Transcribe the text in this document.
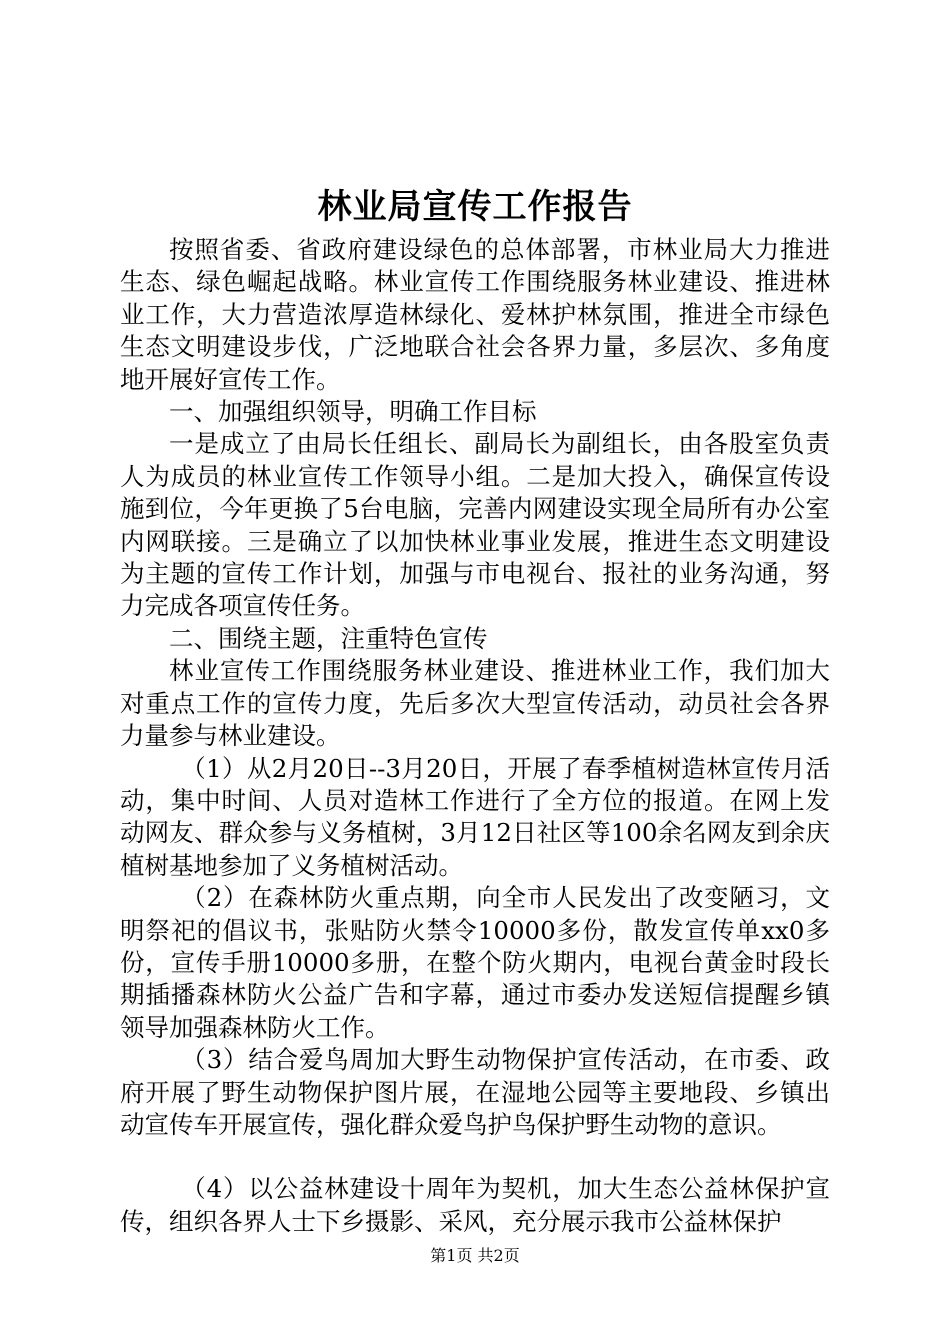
林业局宣传工作报告

按照省委、省政府建设绿色的总体部署，市林业局大力推进生态、绿色崛起战略。林业宣传工作围绕服务林业建设、推进林业工作，大力营造浓厚造林绿化、爱林护林氛围，推进全市绿色生态文明建设步伐，广泛地联合社会各界力量，多层次、多角度地开展好宣传工作。

一、加强组织领导，明确工作目标

一是成立了由局长任组长、副局长为副组长，由各股室负责人为成员的林业宣传工作领导小组。二是加大投入，确保宣传设施到位，今年更换了5台电脑，完善内网建设实现全局所有办公室内网联接。三是确立了以加快林业事业发展，推进生态文明建设为主题的宣传工作计划，加强与市电视台、报社的业务沟通，努力完成各项宣传任务。

二、围绕主题，注重特色宣传

林业宣传工作围绕服务林业建设、推进林业工作，我们加大对重点工作的宣传力度，先后多次大型宣传活动，动员社会各界力量参与林业建设。

（1）从2月20日--3月20日，开展了春季植树造林宣传月活动，集中时间、人员对造林工作进行了全方位的报道。在网上发动网友、群众参与义务植树，3月12日社区等100余名网友到余庆植树基地参加了义务植树活动。

（2）在森林防火重点期，向全市人民发出了改变陋习，文明祭祀的倡议书，张贴防火禁令10000多份，散发宣传单xx0多份，宣传手册10000多册，在整个防火期内，电视台黄金时段长期插播森林防火公益广告和字幕，通过市委办发送短信提醒乡镇领导加强森林防火工作。

（3）结合爱鸟周加大野生动物保护宣传活动，在市委、政府开展了野生动物保护图片展，在湿地公园等主要地段、乡镇出动宣传车开展宣传，强化群众爱鸟护鸟保护野生动物的意识。

（4）以公益林建设十周年为契机，加大生态公益林保护宣传，组织各界人士下乡摄影、采风，充分展示我市公益林保护

第1页 共2页
